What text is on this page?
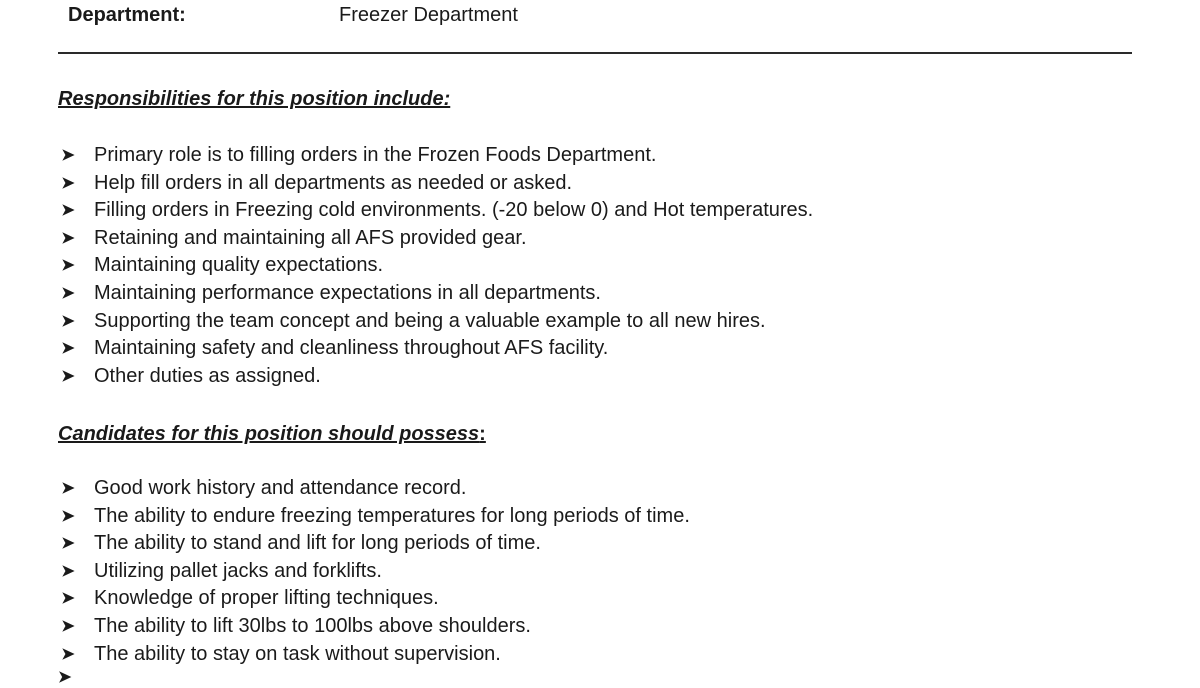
Department:	Freezer Department
Responsibilities for this position include:
➤ Primary role is to filling orders in the Frozen Foods Department.
➤ Help fill orders in all departments as needed or asked.
➤ Filling orders in Freezing cold environments. (-20 below 0) and Hot temperatures.
➤ Retaining and maintaining all AFS provided gear.
➤ Maintaining quality expectations.
➤ Maintaining performance expectations in all departments.
➤ Supporting the team concept and being a valuable example to all new hires.
➤ Maintaining safety and cleanliness throughout AFS facility.
➤ Other duties as assigned.
Candidates for this position should possess:
➤ Good work history and attendance record.
➤ The ability to endure freezing temperatures for long periods of time.
➤ The ability to stand and lift for long periods of time.
➤ Utilizing pallet jacks and forklifts.
➤ Knowledge of proper lifting techniques.
➤ The ability to lift 30lbs to 100lbs above shoulders.
➤ The ability to stay on task without supervision.
➤
